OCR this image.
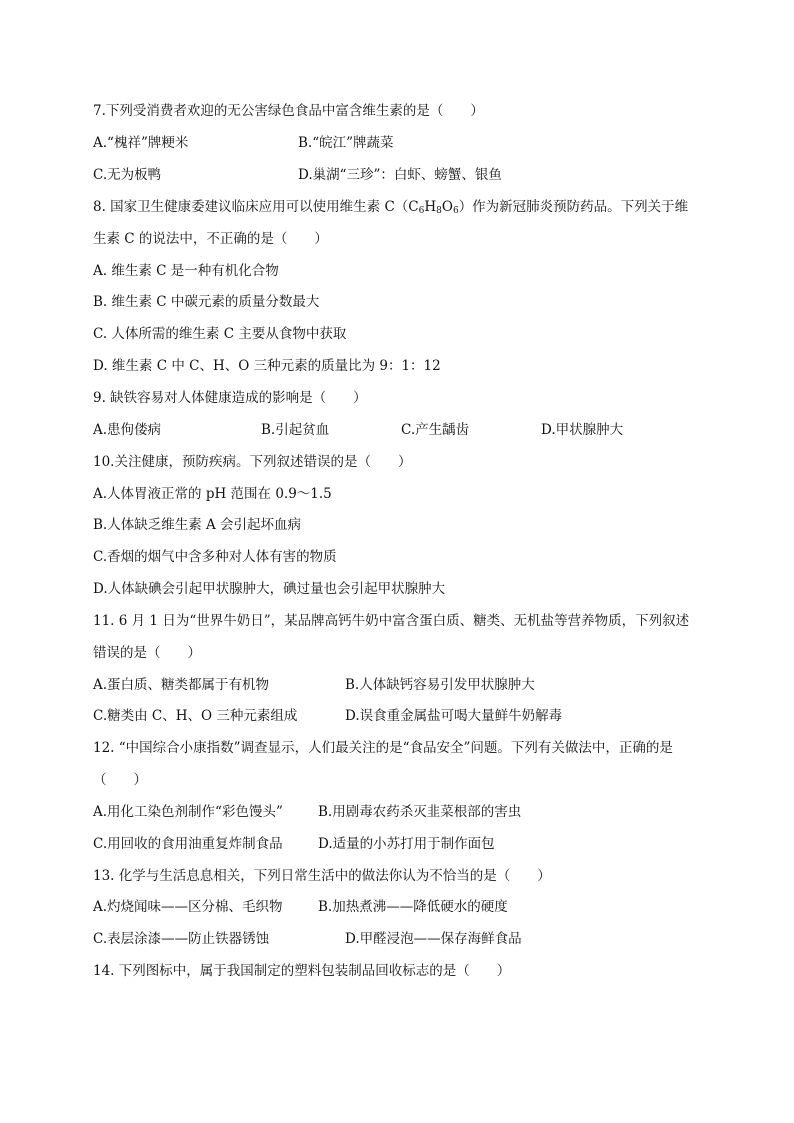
7.下列受消费者欢迎的无公害绿色食品中富含维生素的是（　　）
A.“槐祥”牌粳米	B.“皖江”牌蔬菜
C.无为板鸭	D.巢湖“三珍”：白虾、螃蟹、银鱼
8. 国家卫生健康委建议临床应用可以使用维生素 $C(C_6H_8O_6)$作为新冠肺炎预防药品。下列关于维
生素 C 的说法中，不正确的是（　　）
A. 维生素 C 是一种有机化合物
B. 维生素 C 中碳元素的质量分数最大
C. 人体所需的维生素 C 主要从食物中获取
D. 维生素 C 中 C、H、O 三种元素的质量比为 9：1：12
9. 缺铁容易对人体健康造成的影响是（　　）
A.患佝偻病	B.引起贫血	C.产生龋齿	D.甲状腺肿大
10.关注健康，预防疾病。下列叙述错误的是（　　）
A.人体胃液正常的 pH 范围在 0.9～1.5
B.人体缺乏维生素 A 会引起坏血病
C.香烟的烟气中含多种对人体有害的物质
D.人体缺碘会引起甲状腺肿大，碘过量也会引起甲状腺肿大
11. 6 月 1 日为“世界牛奶日”，某品牌高钙牛奶中富含蛋白质、糖类、无机盐等营养物质，下列叙述
错误的是（　　）
A.蛋白质、糖类都属于有机物	B.人体缺钙容易引发甲状腺肿大
C.糖类由 C、H、O 三种元素组成	D.误食重金属盐可喝大量鲜牛奶解毒
12. “中国综合小康指数”调查显示，人们最关注的是“食品安全”问题。下列有关做法中，正确的是
（　　）
A.用化工染色剂制作“彩色馒头”	B.用剧毒农药杀灭韭菜根部的害虫
C.用回收的食用油重复炸制食品	D.适量的小苏打用于制作面包
13. 化学与生活息息相关，下列日常生活中的做法你认为不恰当的是（　　）
A.灼烧闻味——区分棉、毛织物	B.加热煮沸——降低硬水的硬度
C.表层涂漆——防止铁器锈蚀	D.甲醛浸泡——保存海鲜食品
14. 下列图标中，属于我国制定的塑料包装制品回收标志的是（　　）
